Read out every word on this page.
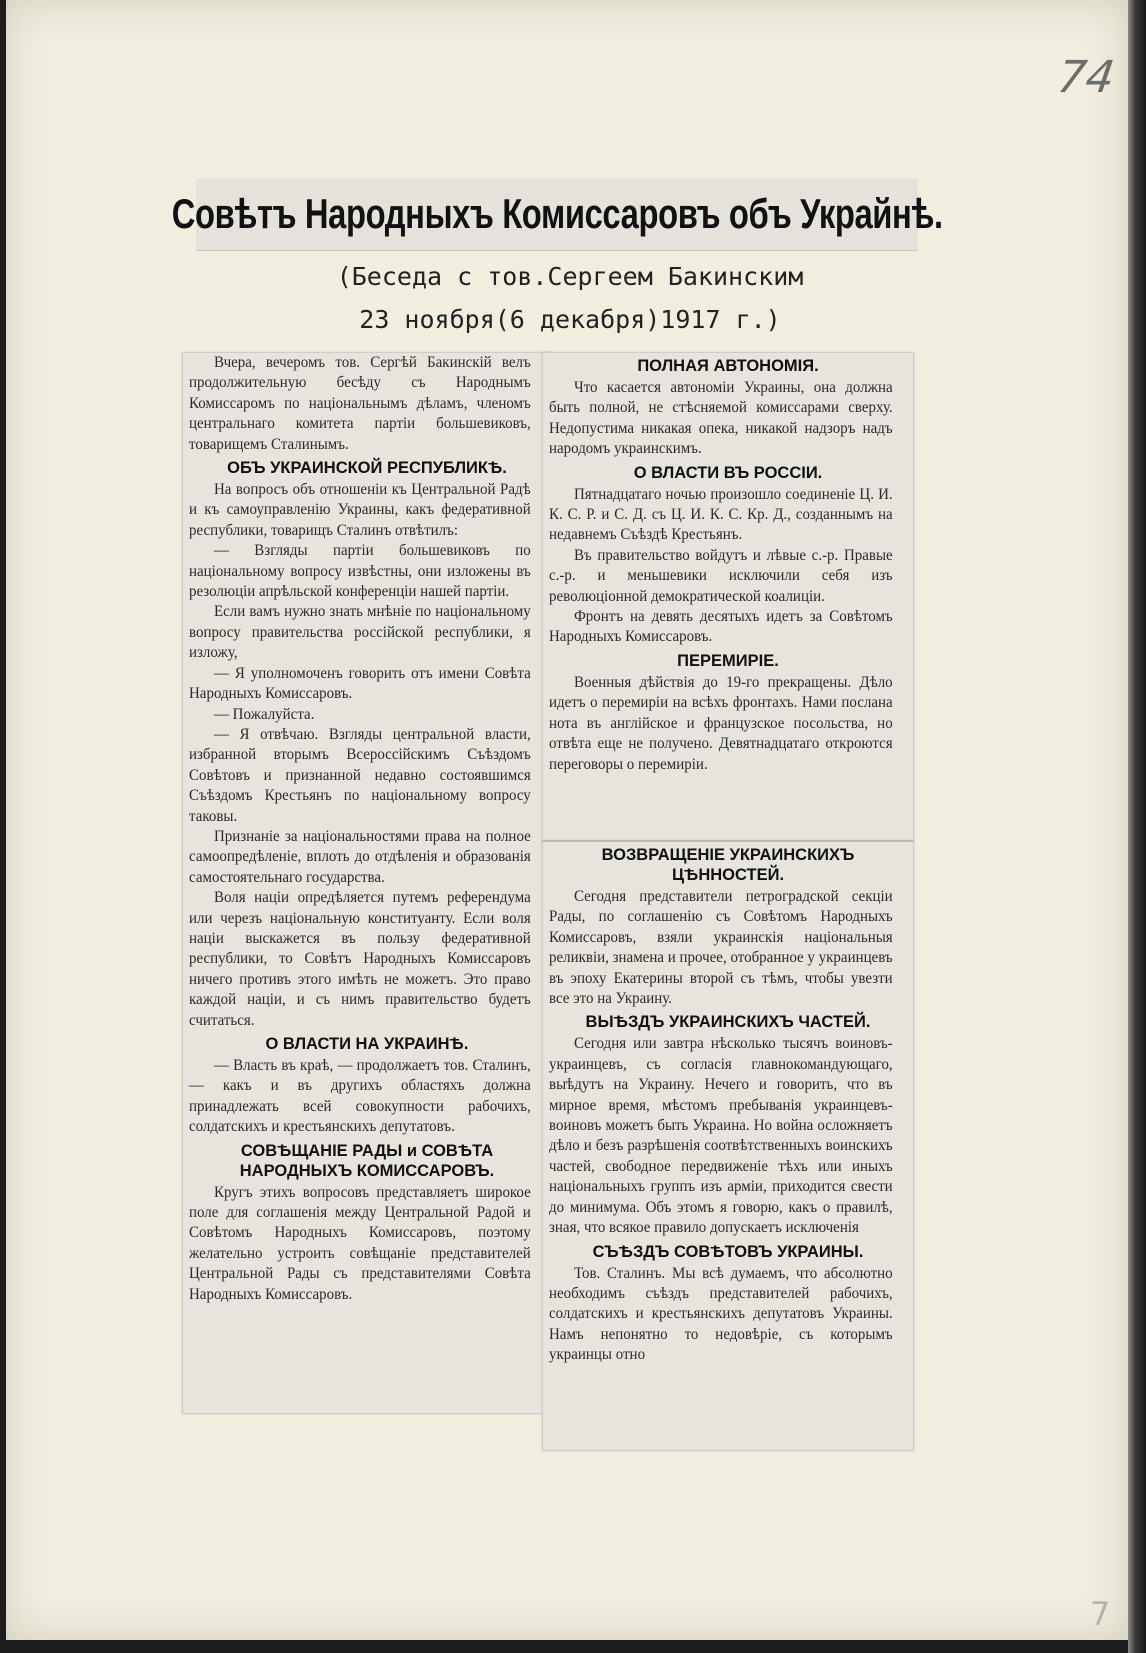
74
7
Совѣтъ Народныхъ Комиссаровъ объ Украйнѣ.

(Беседа с тов.Сергеем Бакинским

23 ноября(6 декабря)1917 г.)

Вчера, вечеромъ тов. Сергѣй Бакинскій велъ продолжительную бесѣду съ Народнымъ Комиссаромъ по національнымъ дѣламъ, членомъ центральнаго комитета партіи большевиковъ, товарищемъ Сталинымъ.

ОБЪ УКРАИНСКОЙ РЕСПУБЛИКѢ.

На вопросъ объ отношеніи къ Центральной Радѣ и къ самоуправленію Украины, какъ федеративной республики, товарищъ Сталинъ отвѣтилъ:

— Взгляды партіи большевиковъ по національному вопросу извѣстны, они изложены въ резолюціи апрѣльской конференціи нашей партіи.

Если вамъ нужно знать мнѣніе по національному вопросу правительства россійской республики, я изложу,

— Я уполномоченъ говорить отъ имени Совѣта Народныхъ Комиссаровъ.

— Пожалуйста.

— Я отвѣчаю. Взгляды центральной власти, избранной вторымъ Всероссійскимъ Съѣздомъ Совѣтовъ и признанной недавно состоявшимся Съѣздомъ Крестьянъ по національному вопросу таковы.

Признаніе за національностями права на полное самоопредѣленіе, вплоть до отдѣленія и образованія самостоятельнаго государства.

Воля націи опредѣляется путемъ референдума или черезъ національную конституанту. Если воля націи выскажется въ пользу федеративной республики, то Совѣтъ Народныхъ Комиссаровъ ничего противъ этого имѣть не можетъ. Это право каждой націи, и съ нимъ правительство будетъ считаться.

О ВЛАСТИ НА УКРАИНѢ.

— Власть въ краѣ, — продолжаетъ тов. Сталинъ, — какъ и въ другихъ областяхъ должна принадлежать всей совокупности рабочихъ, солдатскихъ и крестьянскихъ депутатовъ.

СОВѢЩАНІЕ РАДЫ и СОВѢТА НАРОДНЫХЪ КОМИССАРОВЪ.

Кругъ этихъ вопросовъ представляетъ широкое поле для соглашенія между Центральной Радой и Совѣтомъ Народныхъ Комиссаровъ, поэтому желательно устроить совѣщаніе представителей Центральной Рады съ представителями Совѣта Народныхъ Комиссаровъ.

ПОЛНАЯ АВТОНОМІЯ.

Что касается автономіи Украины, она должна быть полной, не стѣсняемой комиссарами сверху. Недопустима никакая опека, никакой надзоръ надъ народомъ украинскимъ.

О ВЛАСТИ ВЪ РОССІИ.

Пятнадцатаго ночью произошло соединеніе Ц. И. К. С. Р. и С. Д. съ Ц. И. К. С. Кр. Д., созданнымъ на недавнемъ Съѣздѣ Крестьянъ.

Въ правительство войдутъ и лѣвые с.-р. Правые с.-р. и меньшевики исключили себя изъ революціонной демократической коалиціи.

Фронтъ на девять десятыхъ идетъ за Совѣтомъ Народныхъ Комиссаровъ.

ПЕРЕМИРІЕ.

Военныя дѣйствія до 19-го прекращены. Дѣло идетъ о перемиріи на всѣхъ фронтахъ. Нами послана нота въ англійское и французское посольства, но отвѣта еще не получено. Девятнадцатаго откроются переговоры о перемиріи.

ВОЗВРАЩЕНІЕ УКРАИНСКИХЪ ЦѢННОСТЕЙ.

Сегодня представители петроградской секціи Рады, по соглашенію съ Совѣтомъ Народныхъ Комиссаровъ, взяли украинскія національныя реликвіи, знамена и прочее, отобранное у украинцевъ въ эпоху Екатерины второй съ тѣмъ, чтобы увезти все это на Украину.

ВЫѢЗДЪ УКРАИНСКИХЪ ЧАСТЕЙ.

Сегодня или завтра нѣсколько тысячъ воиновъ-украинцевъ, съ согласія главнокомандующаго, выѣдутъ на Украину. Нечего и говорить, что въ мирное время, мѣстомъ пребыванія украинцевъ-воиновъ можетъ быть Украина. Но война осложняетъ дѣло и безъ разрѣшенія соотвѣтственныхъ воинскихъ частей, свободное передвиженіе тѣхъ или иныхъ національныхъ группъ изъ арміи, приходится свести до минимума. Объ этомъ я говорю, какъ о правилѣ, зная, что всякое правило допускаетъ исключенія

СЪѢЗДЪ СОВѢТОВЪ УКРАИНЫ.

Тов. Сталинъ. Мы всѣ думаемъ, что абсолютно необходимъ съѣздъ представителей рабочихъ, солдатскихъ и крестьянскихъ депутатовъ Украины. Намъ непонятно то недовѣріе, съ которымъ украинцы отно
